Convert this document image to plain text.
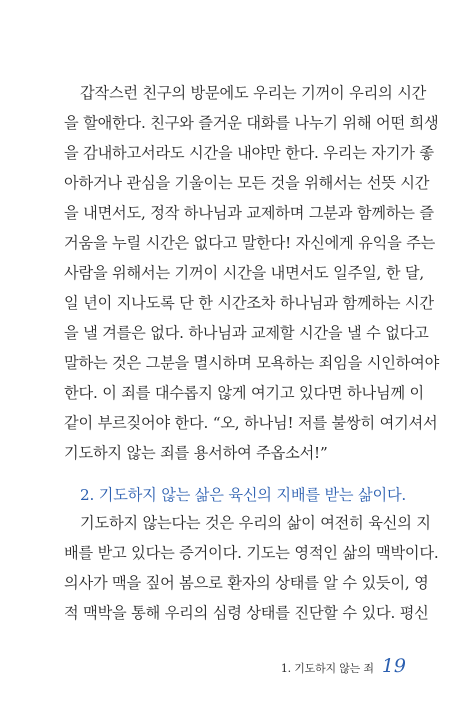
갑작스런 친구의 방문에도 우리는 기꺼이 우리의 시간
을 할애한다. 친구와 즐거운 대화를 나누기 위해 어떤 희생
을 감내하고서라도 시간을 내야만 한다. 우리는 자기가 좋
아하거나 관심을 기울이는 모든 것을 위해서는 선뜻 시간
을 내면서도, 정작 하나님과 교제하며 그분과 함께하는 즐
거움을 누릴 시간은 없다고 말한다! 자신에게 유익을 주는
사람을 위해서는 기꺼이 시간을 내면서도 일주일, 한 달,
일 년이 지나도록 단 한 시간조차 하나님과 함께하는 시간
을 낼 겨를은 없다. 하나님과 교제할 시간을 낼 수 없다고
말하는 것은 그분을 멸시하며 모욕하는 죄임을 시인하여야
한다. 이 죄를 대수롭지 않게 여기고 있다면 하나님께 이
같이 부르짖어야 한다. “오, 하나님! 저를 불쌍히 여기셔서
기도하지 않는 죄를 용서하여 주옵소서!”
2. 기도하지 않는 삶은 육신의 지배를 받는 삶이다.
기도하지 않는다는 것은 우리의 삶이 여전히 육신의 지
배를 받고 있다는 증거이다. 기도는 영적인 삶의 맥박이다.
의사가 맥을 짚어 봄으로 환자의 상태를 알 수 있듯이, 영
적 맥박을 통해 우리의 심령 상태를 진단할 수 있다. 평신
1. 기도하지 않는 죄 19
